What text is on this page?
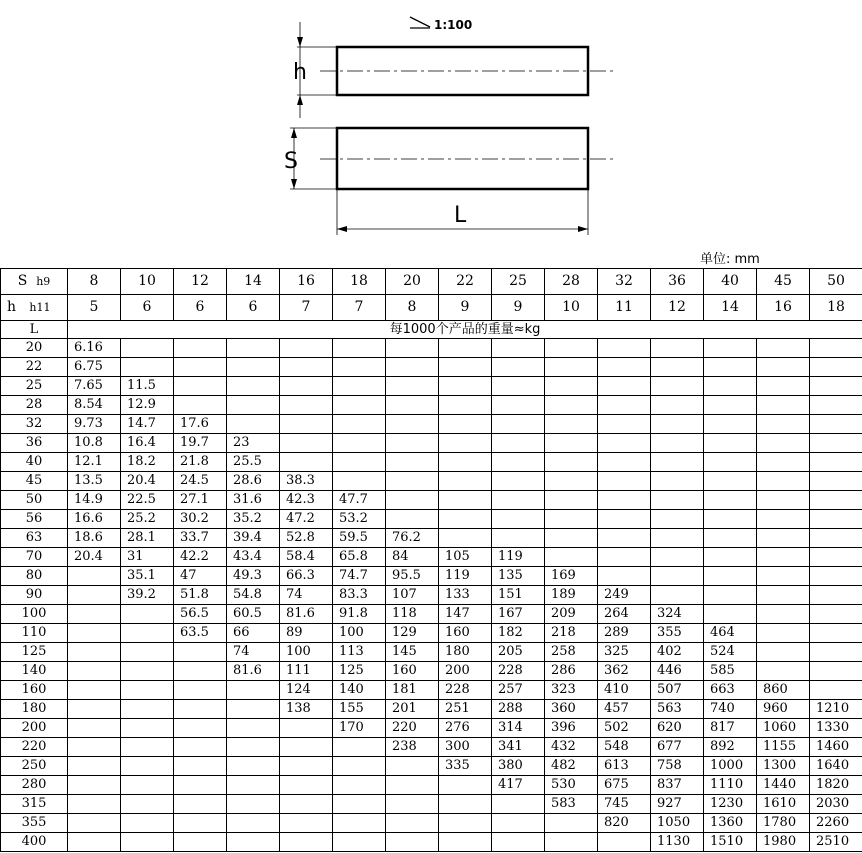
1:100
h
S
L
单位: mm
S h9	8	10	12	14	16	18	20	22	25	28	32	36	40	45	50
h h11	5	6	6	6	7	7	8	9	9	10	11	12	14	16	18
L	每1000个产品的重量≈kg														
20	6.16														
22	6.75														
25	7.65	11.5													
28	8.54	12.9													
32	9.73	14.7	17.6												
36	10.8	16.4	19.7	23											
40	12.1	18.2	21.8	25.5											
45	13.5	20.4	24.5	28.6	38.3										
50	14.9	22.5	27.1	31.6	42.3	47.7									
56	16.6	25.2	30.2	35.2	47.2	53.2									
63	18.6	28.1	33.7	39.4	52.8	59.5	76.2								
70	20.4	31	42.2	43.4	58.4	65.8	84	105	119						
80		35.1	47	49.3	66.3	74.7	95.5	119	135	169					
90		39.2	51.8	54.8	74	83.3	107	133	151	189	249				
100			56.5	60.5	81.6	91.8	118	147	167	209	264	324			
110			63.5	66	89	100	129	160	182	218	289	355	464		
125				74	100	113	145	180	205	258	325	402	524		
140				81.6	111	125	160	200	228	286	362	446	585		
160					124	140	181	228	257	323	410	507	663	860	
180					138	155	201	251	288	360	457	563	740	960	1210
200						170	220	276	314	396	502	620	817	1060	1330
220							238	300	341	432	548	677	892	1155	1460
250								335	380	482	613	758	1000	1300	1640
280									417	530	675	837	1110	1440	1820
315										583	745	927	1230	1610	2030
355											820	1050	1360	1780	2260
400												1130	1510	1980	2510
